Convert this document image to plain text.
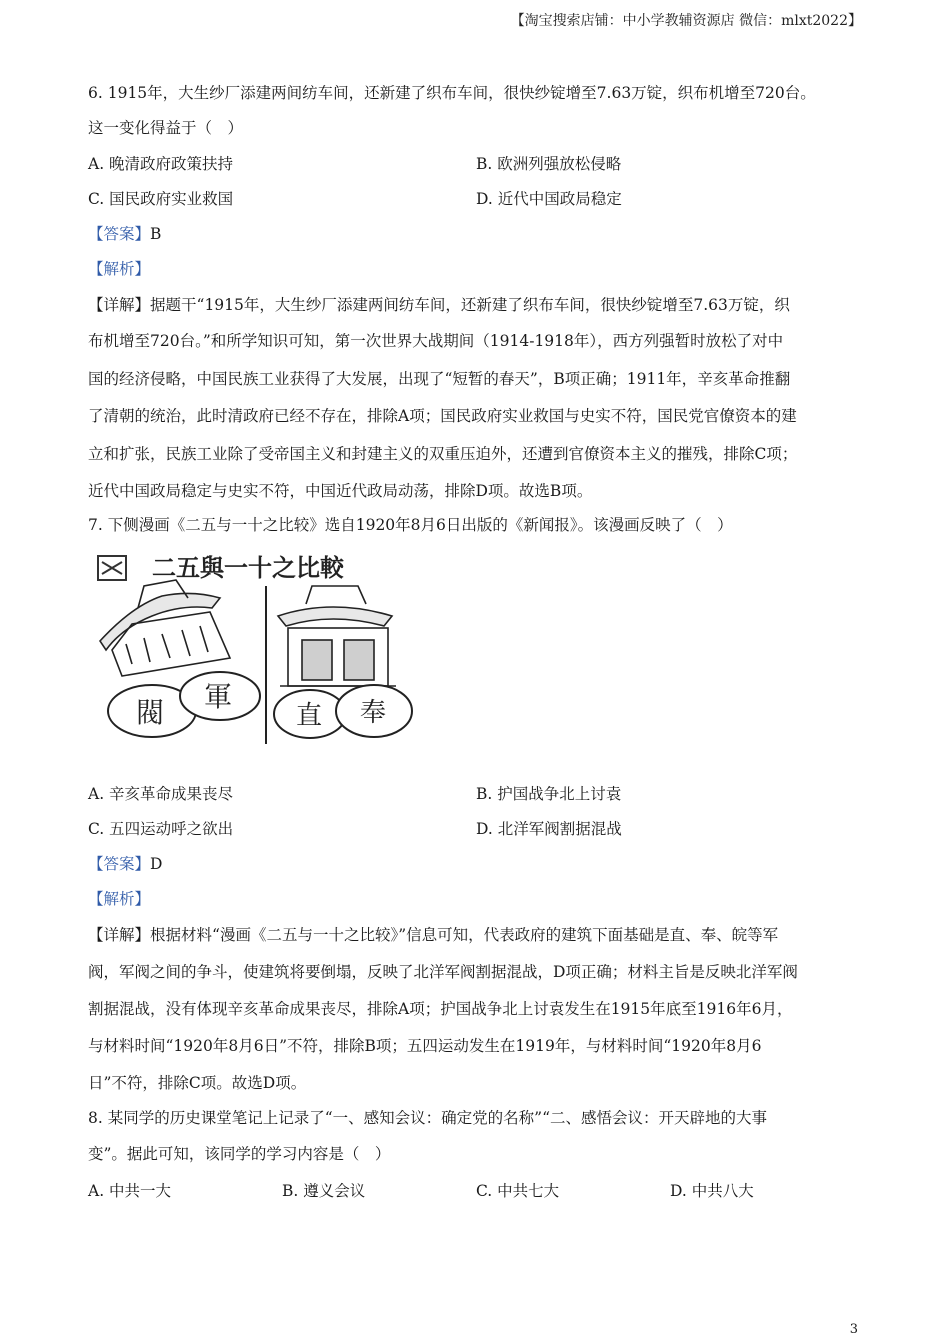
【淘宝搜索店铺：中小学教辅资源店 微信：mlxt2022】
6. 1915年，大生纱厂添建两间纺车间，还新建了织布车间，很快纱锭增至7.63万锭，织布机增至720台。
这一变化得益于（　）
A. 晚清政府政策扶持	B. 欧洲列强放松侵略
C. 国民政府实业救国	D. 近代中国政局稳定
【答案】B
【解析】
【详解】据题干“1915年，大生纱厂添建两间纺车间，还新建了织布车间，很快纱锭增至7.63万锭，织
布机增至720台。”和所学知识可知，第一次世界大战期间（1914-1918年），西方列强暂时放松了对中
国的经济侵略，中国民族工业获得了大发展，出现了“短暂的春天”，B项正确；1911年，辛亥革命推翻
了清朝的统治，此时清政府已经不存在，排除A项；国民政府实业救国与史实不符，国民党官僚资本的建
立和扩张，民族工业除了受帝国主义和封建主义的双重压迫外，还遭到官僚资本主义的摧残，排除C项；
近代中国政局稳定与史实不符，中国近代政局动荡，排除D项。故选B项。
7. 下侧漫画《二五与一十之比较》选自1920年8月6日出版的《新闻报》。该漫画反映了（　）
二五與一十之比較
閥 軍
直 奉
A. 辛亥革命成果丧尽	B. 护国战争北上讨袁
C. 五四运动呼之欲出	D. 北洋军阀割据混战
【答案】D
【解析】
【详解】根据材料“漫画《二五与一十之比较》”信息可知，代表政府的建筑下面基础是直、奉、皖等军
阀，军阀之间的争斗，使建筑将要倒塌，反映了北洋军阀割据混战，D项正确；材料主旨是反映北洋军阀
割据混战，没有体现辛亥革命成果丧尽，排除A项；护国战争北上讨袁发生在1915年底至1916年6月，
与材料时间“1920年8月6日”不符，排除B项；五四运动发生在1919年，与材料时间“1920年8月6
日”不符，排除C项。故选D项。
8. 某同学的历史课堂笔记上记录了“一、感知会议：确定党的名称”“二、感悟会议：开天辟地的大事
变”。据此可知，该同学的学习内容是（　）
A. 中共一大	B. 遵义会议	C. 中共七大	D. 中共八大
3
